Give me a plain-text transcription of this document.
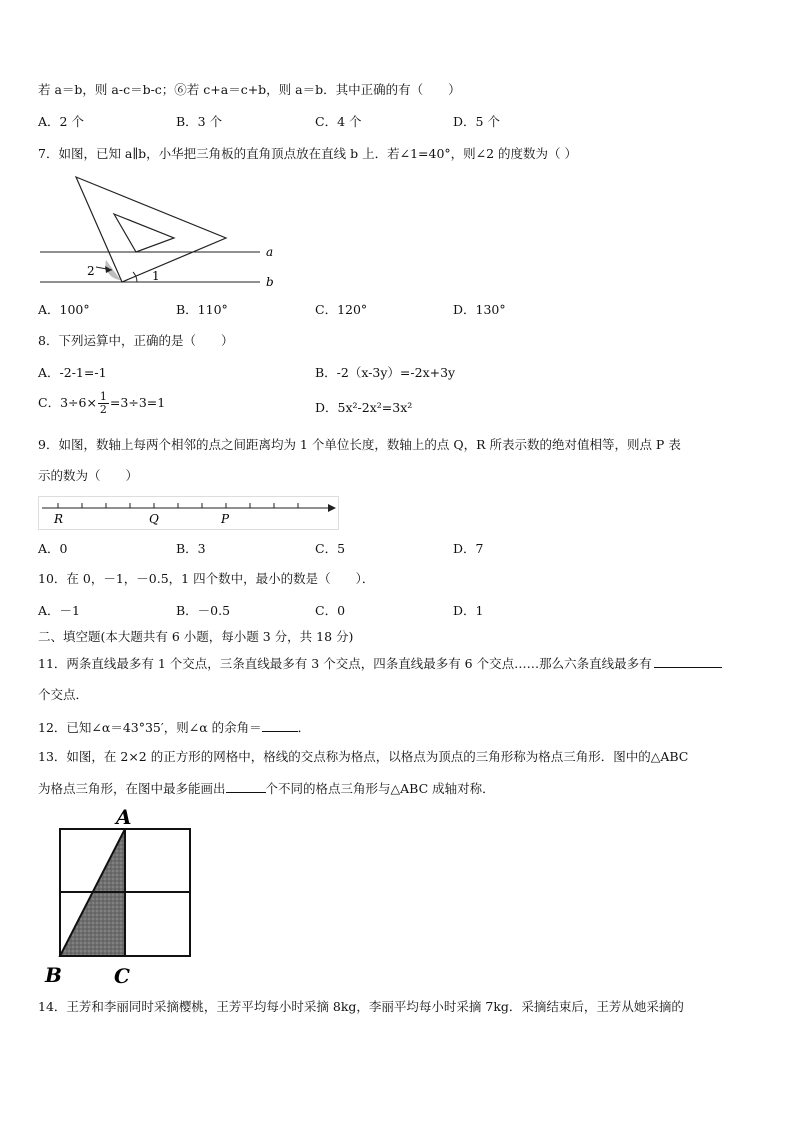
若 a＝b，则 a-c＝b-c；⑥若 c+a＝c+b，则 a＝b．其中正确的有（　　）
A．2 个	B．3 个	C．4 个	D．5 个
7．如图，已知 a∥b，小华把三角板的直角顶点放在直线 b 上．若∠1=40°，则∠2 的度数为（ ）
a
b
1
2
A．100°	B．110°	C．120°	D．130°
8．下列运算中，正确的是（　　）
A．-2-1=-1	B．-2（x-3y）=-2x+3y
C．$3\div 6\times \frac{1}{2} =3\div 3=1$	D．5x²-2x²=3x²
9．如图，数轴上每两个相邻的点之间距离均为 1 个单位长度，数轴上的点 Q，R 所表示数的绝对值相等，则点 P 表
示的数为（　　）
R	Q	P
A．0	B．3	C．5	D．7
10．在 0，－1，－0.5，1 四个数中，最小的数是（　　）．
A．－1	B．－0.5	C．0	D．1
二、填空题(本大题共有 6 小题，每小题 3 分，共 18 分)
11．两条直线最多有 1 个交点，三条直线最多有 3 个交点，四条直线最多有 6 个交点……那么六条直线最多有
个交点．
12．已知∠α＝43°35′，则∠α 的余角＝	．
13．如图，在 2×2 的正方形的网格中，格线的交点称为格点，以格点为顶点的三角形称为格点三角形．图中的△ABC
为格点三角形，在图中最多能画出	个不同的格点三角形与△ABC 成轴对称．
A
B	C
14．王芳和李丽同时采摘樱桃，王芳平均每小时采摘 8kg，李丽平均每小时采摘 7kg．采摘结束后，王芳从她采摘的
